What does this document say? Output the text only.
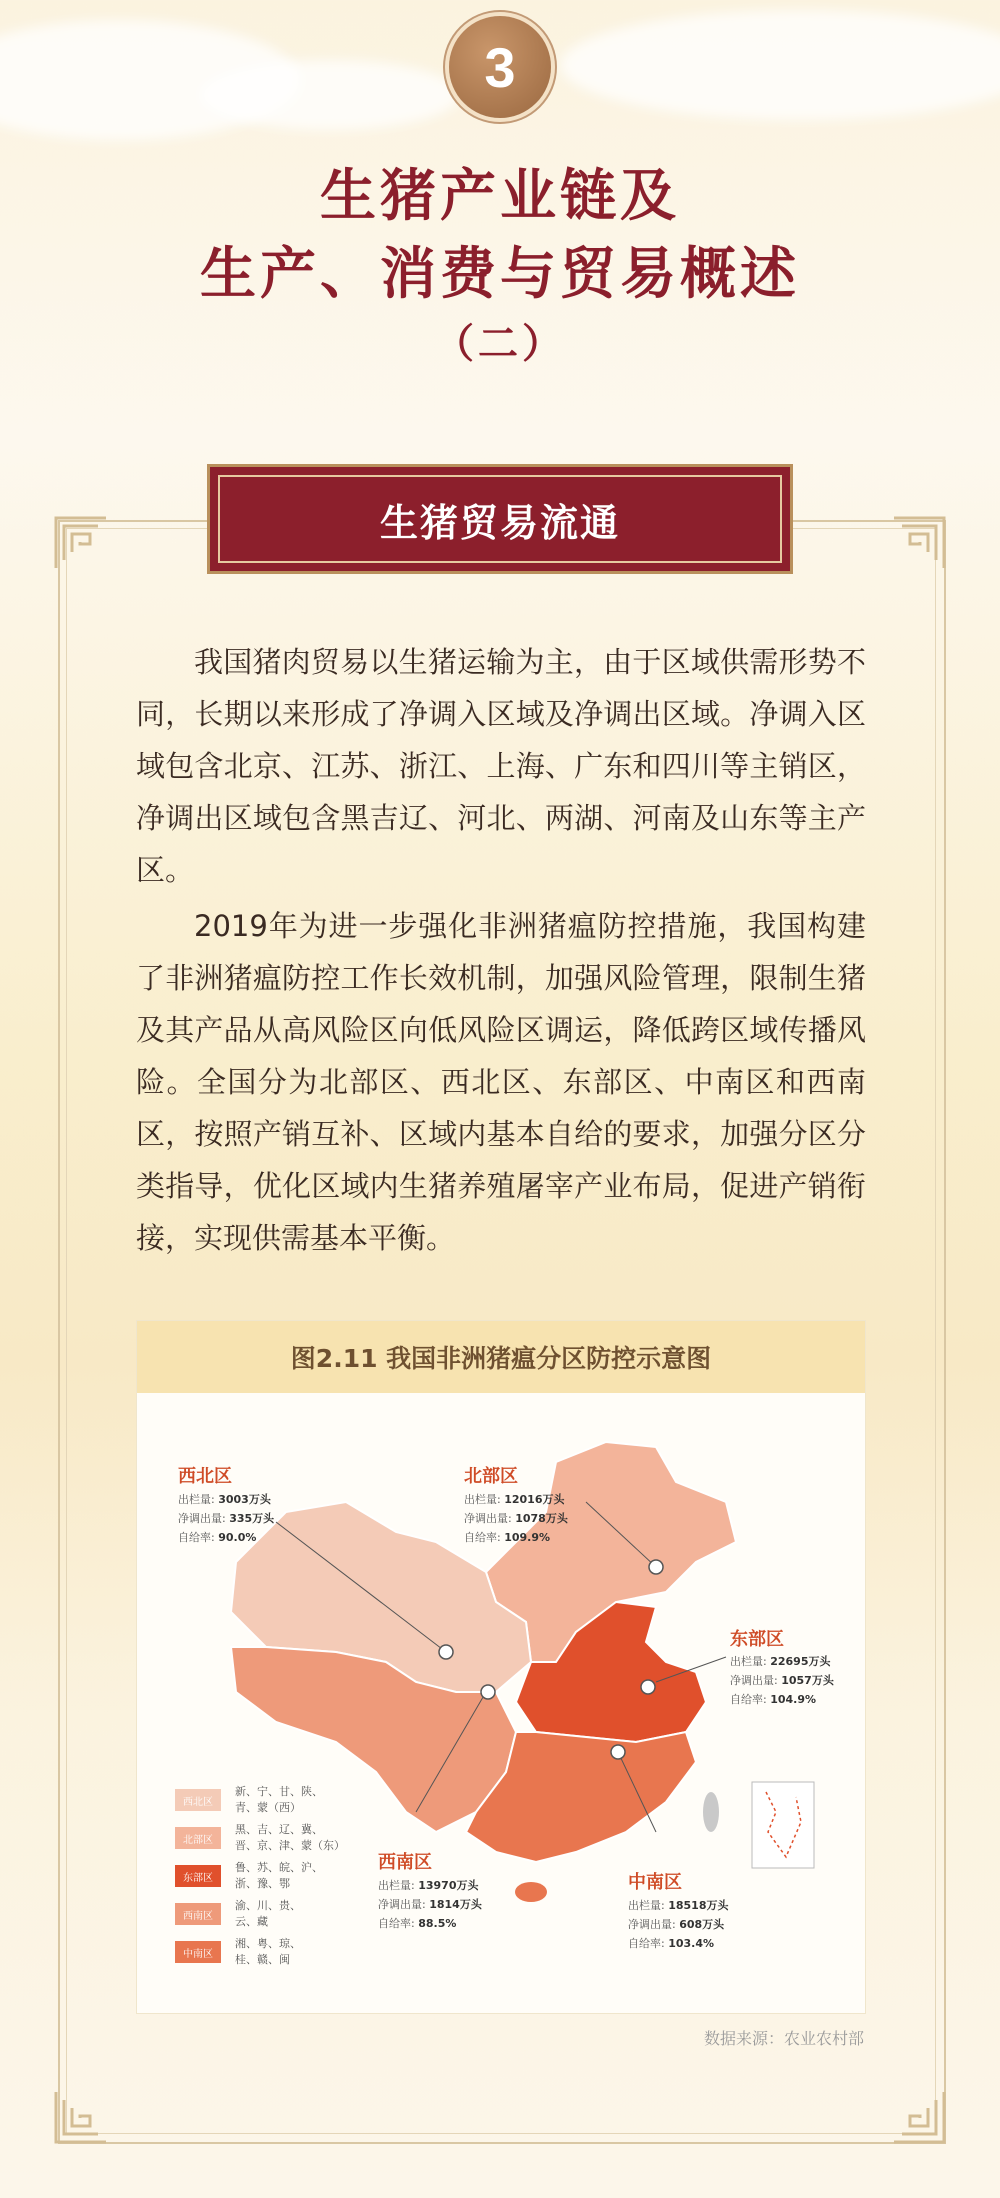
3
生猪产业链及
生产、消费与贸易概述
（二）
生猪贸易流通
我国猪肉贸易以生猪运输为主，由于区域供需形势不同，长期以来形成了净调入区域及净调出区域。净调入区域包含北京、江苏、浙江、上海、广东和四川等主销区，净调出区域包含黑吉辽、河北、两湖、河南及山东等主产区。
2019年为进一步强化非洲猪瘟防控措施，我国构建了非洲猪瘟防控工作长效机制，加强风险管理，限制生猪及其产品从高风险区向低风险区调运，降低跨区域传播风险。全国分为北部区、西北区、东部区、中南区和西南区，按照产销互补、区域内基本自给的要求，加强分区分类指导，优化区域内生猪养殖屠宰产业布局，促进产销衔接，实现供需基本平衡。
图2.11 我国非洲猪瘟分区防控示意图
西北区
出栏量: 3003万头
净调出量: 335万头
自给率: 90.0%
北部区
出栏量: 12016万头
净调出量: 1078万头
自给率: 109.9%
东部区
出栏量: 22695万头
净调出量: 1057万头
自给率: 104.9%
西南区
出栏量: 13970万头
净调出量: 1814万头
自给率: 88.5%
中南区
出栏量: 18518万头
净调出量: 608万头
自给率: 103.4%
西北区
新、宁、甘、陕、
青、蒙（西）
北部区
黑、吉、辽、冀、
晋、京、津、蒙（东）
东部区
鲁、苏、皖、沪、
浙、豫、鄂
西南区
渝、川、贵、
云、藏
中南区
湘、粤、琼、
桂、赣、闽
数据来源：农业农村部
